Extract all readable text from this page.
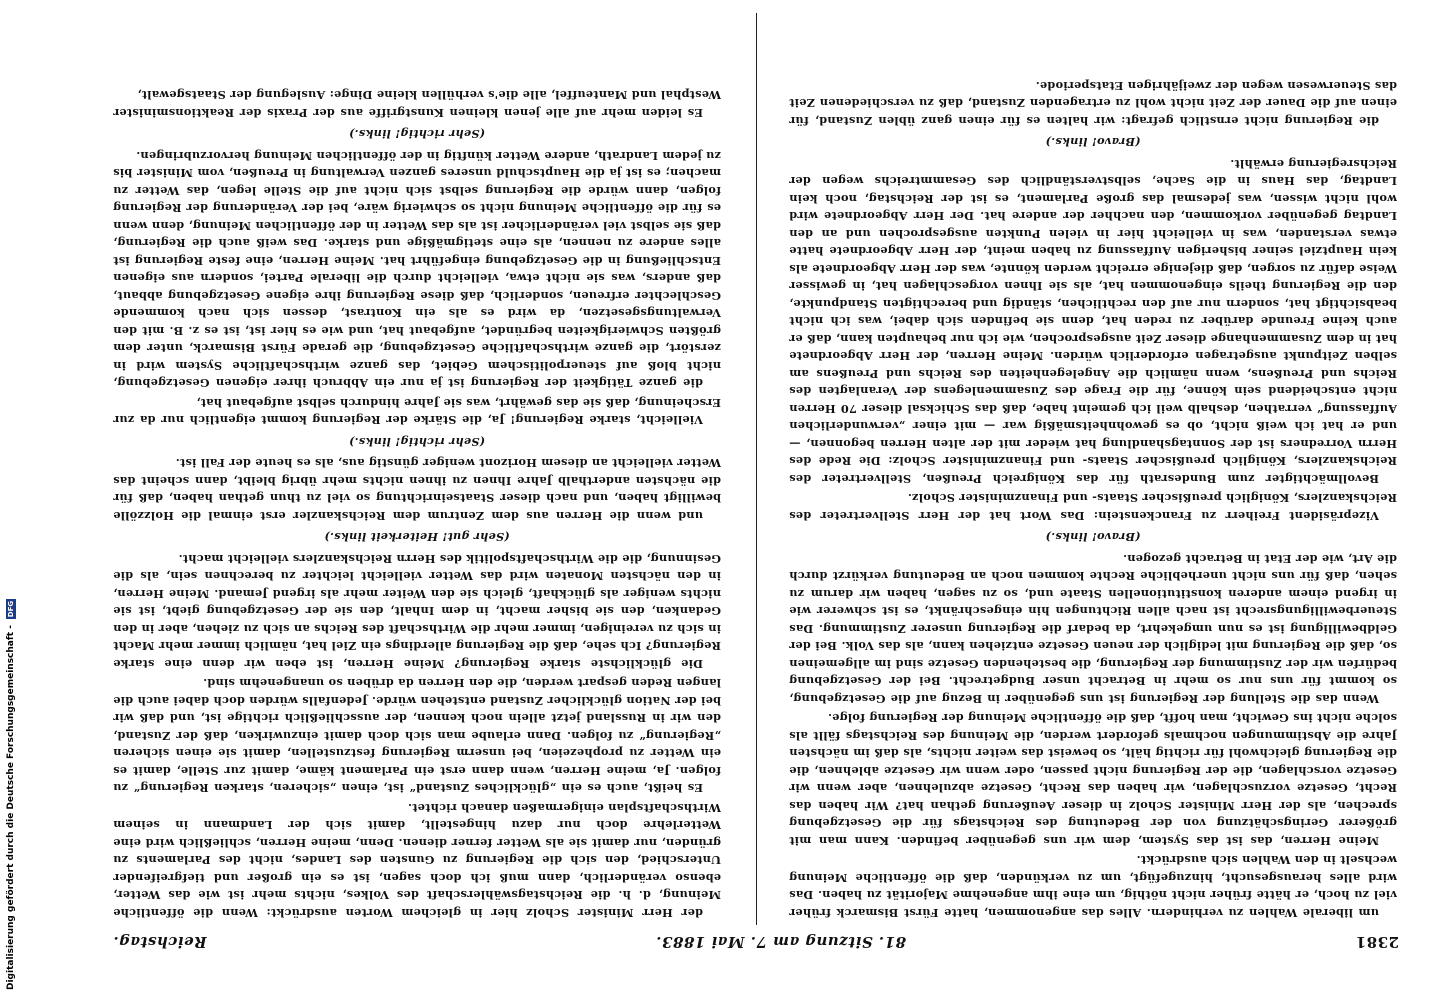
2381
81. Sitzung am 7. Mai 1883.
Reichstag.

um liberale Wahlen zu verhindern. Alles das angenommen, hatte Fürst Bismarck früher viel zu hoch, er hätte früher nicht nöthig, um eine ihm angenehme Majorität zu haben. Das wird alles herausgesucht, hinzugefügt, um zu verkünden, daß die öffentliche Meinung wechselt in den Wahlen sich ausdrückt.

Meine Herren, das ist das System, dem wir uns gegenüber befinden. Kann man mit größerer Geringschätzung von der Bedeutung des Reichstags für die Gesetzgebung sprechen, als der Herr Minister Scholz in dieser Aeußerung gethan hat? Wir haben das Recht, Gesetze vorzuschlagen, wir haben das Recht, Gesetze abzulehnen, aber wenn wir Gesetze vorschlagen, die der Regierung nicht passen, oder wenn wir Gesetze ablehnen, die die Regierung gleichwohl für richtig hält, so beweist das weiter nichts, als daß im nächsten Jahre die Abstimmungen nochmals gefordert werden, die Meinung des Reichstags fällt als solche nicht ins Gewicht, man hofft, daß die öffentliche Meinung der Regierung folge.

Wenn das die Stellung der Regierung ist uns gegenüber in Bezug auf die Gesetzgebung, so kommt für uns nur so mehr in Betracht unser Budgetrecht. Bei der Gesetzgebung bedürfen wir der Zustimmung der Regierung, die bestehenden Gesetze sind im allgemeinen so, daß die Regierung mit lediglich der neuen Gesetze entziehen kann, als das Volk. Bei der Geldbewilligung ist es nun umgekehrt, da bedarf die Regierung unserer Zustimmung. Das Steuerbewilligungsrecht ist nach allen Richtungen hin eingeschränkt, es ist schwerer wie in irgend einem anderen konstitutionellen Staate und, so zu sagen, haben wir darum zu sehen, daß für uns nicht unerhebliche Rechte kommen noch an Bedeutung verkürzt durch die Art, wie der Etat in Betracht gezogen.

(Bravo! links.)

Vizepräsident Freiherr zu Franckenstein: Das Wort hat der Herr Stellvertreter des Reichskanzlers, Königlich preußischer Staats- und Finanzminister Scholz.

Bevollmächtigter zum Bundesrath für das Königreich Preußen, Stellvertreter des Reichskanzlers, Königlich preußischer Staats- und Finanzminister Scholz: Die Rede des Herrn Vorredners ist der Sonntagshandlung hat wieder mit der alten Herren begonnen, — und er hat ich weiß nicht, ob es gewohnheitsmäßig war — mit einer „verwunderlichen Auffassung“ verrathen, deshalb weil ich gemeint habe, daß das Schicksal dieser 70 Herren nicht entscheidend sein könne, für die Frage des Zusammenlegens der Veranlagten des Reichs und Preußens, wenn nämlich die Angelegenheiten des Reichs und Preußens am selben Zeitpunkt ausgetragen erforderlich würden. Meine Herren, der Herr Abgeordnete hat in dem Zusammenhange dieser Zeit ausgesprochen, wie ich nur behaupten kann, daß er auch keine Freunde darüber zu reden hat, denn sie befinden sich dabei, was ich nicht beabsichtigt hat, sondern nur auf den rechtlichen, ständig und berechtigten Standpunkte, den die Regierung theils eingenommen hat, als sie Ihnen vorgeschlagen hat, in gewisser Weise dafür zu sorgen, daß diejenige erreicht werden könnte, was der Herr Abgeordnete als kein Hauptziel seiner bisherigen Auffassung zu haben meint, der Herr Abgeordnete hatte etwas verstanden, was in vielleicht hier in vielen Punkten ausgesprochen und an den Landtag gegenüber vorkommen, den nachher der andere hat. Der Herr Abgeordnete wird wohl nicht wissen, was jedesmal das große Parlament, es ist der Reichstag, noch kein Landtag, das Haus in die Sache, selbstverständlich des Gesammtreichs wegen der Reichsregierung erwählt.

(Bravo! links.)

die Regierung nicht ernstlich gefragt: wir halten es für einen ganz üblen Zustand, für einen auf die Dauer der Zeit nicht wohl zu ertragenden Zustand, daß zu verschiedenen Zeit das Steuerwesen wegen der zweijährigen Etatsperiode.

der Herr Minister Scholz hier in gleichem Worten ausdrückt: Wenn die öffentliche Meinung, d. h. die Reichstagswählerschaft des Volkes, nichts mehr ist wie das Wetter, ebenso veränderlich, dann muß ich doch sagen, ist es ein großer und tiefgreifender Unterschied, den sich die Regierung zu Gunsten des Landes, nicht des Parlaments zu gründen, nur damit sie als Wetter ferner dienen. Denn, meine Herren, schließlich wird eine Wetterlehre doch nur dazu hingestellt, damit sich der Landmann in seinem Wirthschaftsplan einigermaßen danach richtet.

Es heißt, auch es ein „glückliches Zustand“ ist, einen „sicheren, starken Regierung“ zu folgen. Ja, meine Herren, wenn dann erst ein Parlament käme, damit zur Stelle, damit es ein Wetter zu prophezeien, bei unserm Regierung festzustellen, damit sie einen sicheren „Regierung“ zu folgen. Dann erlaube man sich doch damit einzuwirken, daß der Zustand, den wir in Russland jetzt allein noch kennen, der ausschließlich richtige ist, und daß wir bei der Nation glücklicher Zustand entstehen würde. Jedenfalls würden doch dabei auch die langen Reden gespart werden, die den Herren da drüben so unangenehm sind.

Die glücklichste starke Regierung? Meine Herren, ist eben wir denn eine starke Regierung? Ich sehe, daß die Regierung allerdings ein Ziel hat, nämlich immer mehr Macht in sich zu vereinigen, immer mehr die Wirthschaft des Reichs an sich zu ziehen, aber in den Gedanken, den sie bisher macht, in dem Inhalt, den sie der Gesetzgebung giebt, ist sie nichts weniger als glückhaft, gleich sie den Weiter mehr als irgend Jemand. Meine Herren, in den nächsten Monaten wird das Wetter vielleicht leichter zu berechnen sein, als die Gesinnung, die die Wirthschaftspolitik des Herrn Reichskanzlers vielleicht macht.

(Sehr gut! Heiterkeit links.)

und wenn die Herren aus dem Zentrum dem Reichskanzler erst einmal die Holzzölle bewilligt haben, und nach dieser Staatseinrichtung so viel zu thun gethan haben, daß für die nächsten anderthalb Jahre Ihnen zu ihnen nichts mehr übrig bleibt, dann scheint das Wetter vielleicht an diesem Horizont weniger günstig aus, als es heute der Fall ist.

(Sehr richtig! links.)

Vielleicht, starke Regierung! Ja, die Stärke der Regierung kommt eigentlich nur da zur Erscheinung, daß sie das gewährt, was sie Jahre hindurch selbst aufgebaut hat,

die ganze Tätigkeit der Regierung ist ja nur ein Abbruch ihrer eigenen Gesetzgebung, nicht bloß auf steuerpolitischem Gebiet, das ganze wirthschaftliche System wird in zerstört, die ganze wirthschaftliche Gesetzgebung, die gerade Fürst Bismarck, unter dem größten Schwierigkeiten begründet, aufgebaut hat, und wie es hier ist, ist es z. B. mit den Verwaltungsgesetzen, da wird es als ein Kontrast, dessen sich nach kommende Geschlechter erfreuen, sonderlich, daß diese Regierung ihre eigene Gesetzgebung abbaut, daß anders, was sie nicht etwa, vielleicht durch die liberale Partei, sondern aus eigenen Entschließung in die Gesetzgebung eingeführt hat. Meine Herren, eine feste Regierung ist alles andere zu nennen, als eine stetigmäßige und starke. Das weiß auch die Regierung, daß sie selbst viel veränderlicher ist als das Wetter in der öffentlichen Meinung, denn wenn es für die öffentliche Meinung nicht so schwierig wäre, bei der Veränderung der Regierung folgen, dann würde die Regierung selbst sich nicht auf die Stelle legen, das Wetter zu machen; es ist ja die Hauptschuld unseres ganzen Verwaltung in Preußen, vom Minister bis zu jedem Landrath, andere Wetter künftig in der öffentlichen Meinung hervorzubringen.

(Sehr richtig! links.)

Es leiden mehr auf alle jenen kleinen Kunstgriffe aus der Praxis der Reaktionsminister Westphal und Manteuffel, alle die's verhüllen kleine Dinge: Auslegung der Staatsgewalt,

Digitalisierung gefördert durch die Deutsche Forschungsgemeinschaft -
DFG
